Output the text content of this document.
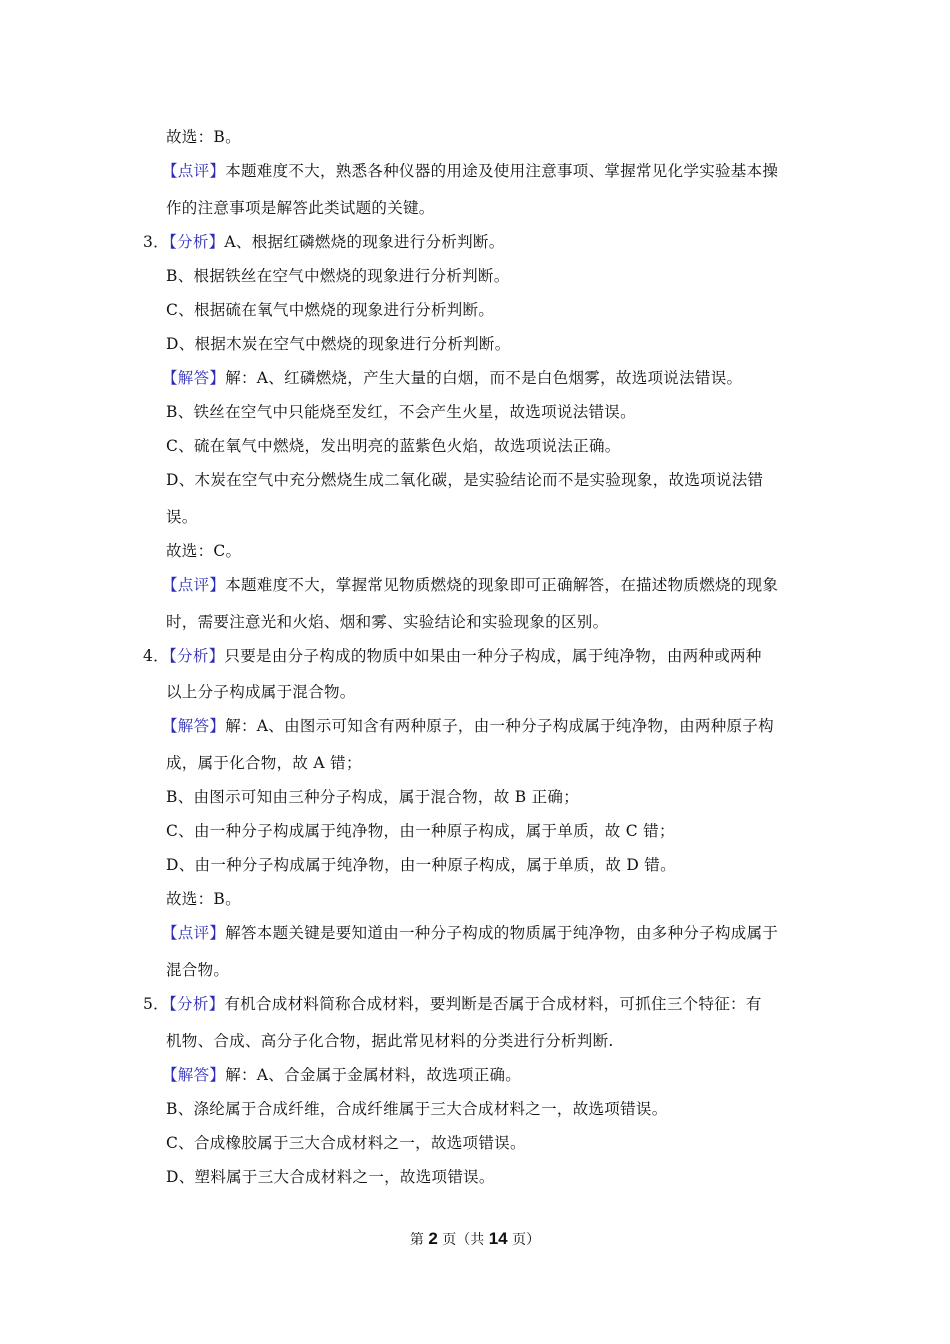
故选：B。
【点评】本题难度不大，熟悉各种仪器的用途及使用注意事项、掌握常见化学实验基本操
作的注意事项是解答此类试题的关键。
3．【分析】A、根据红磷燃烧的现象进行分析判断。
B、根据铁丝在空气中燃烧的现象进行分析判断。
C、根据硫在氧气中燃烧的现象进行分析判断。
D、根据木炭在空气中燃烧的现象进行分析判断。
【解答】解：A、红磷燃烧，产生大量的白烟，而不是白色烟雾，故选项说法错误。
B、铁丝在空气中只能烧至发红，不会产生火星，故选项说法错误。
C、硫在氧气中燃烧，发出明亮的蓝紫色火焰，故选项说法正确。
D、木炭在空气中充分燃烧生成二氧化碳，是实验结论而不是实验现象，故选项说法错
误。
故选：C。
【点评】本题难度不大，掌握常见物质燃烧的现象即可正确解答，在描述物质燃烧的现象
时，需要注意光和火焰、烟和雾、实验结论和实验现象的区别。
4．【分析】只要是由分子构成的物质中如果由一种分子构成，属于纯净物，由两种或两种
以上分子构成属于混合物。
【解答】解：A、由图示可知含有两种原子，由一种分子构成属于纯净物，由两种原子构
成，属于化合物，故 A 错；
B、由图示可知由三种分子构成，属于混合物，故 B 正确；
C、由一种分子构成属于纯净物，由一种原子构成，属于单质，故 C 错；
D、由一种分子构成属于纯净物，由一种原子构成，属于单质，故 D 错。
故选：B。
【点评】解答本题关键是要知道由一种分子构成的物质属于纯净物，由多种分子构成属于
混合物。
5．【分析】有机合成材料简称合成材料，要判断是否属于合成材料，可抓住三个特征：有
机物、合成、高分子化合物，据此常见材料的分类进行分析判断.
【解答】解：A、合金属于金属材料，故选项正确。
B、涤纶属于合成纤维，合成纤维属于三大合成材料之一，故选项错误。
C、合成橡胶属于三大合成材料之一，故选项错误。
D、塑料属于三大合成材料之一，故选项错误。
第 2 页（共 14 页）
